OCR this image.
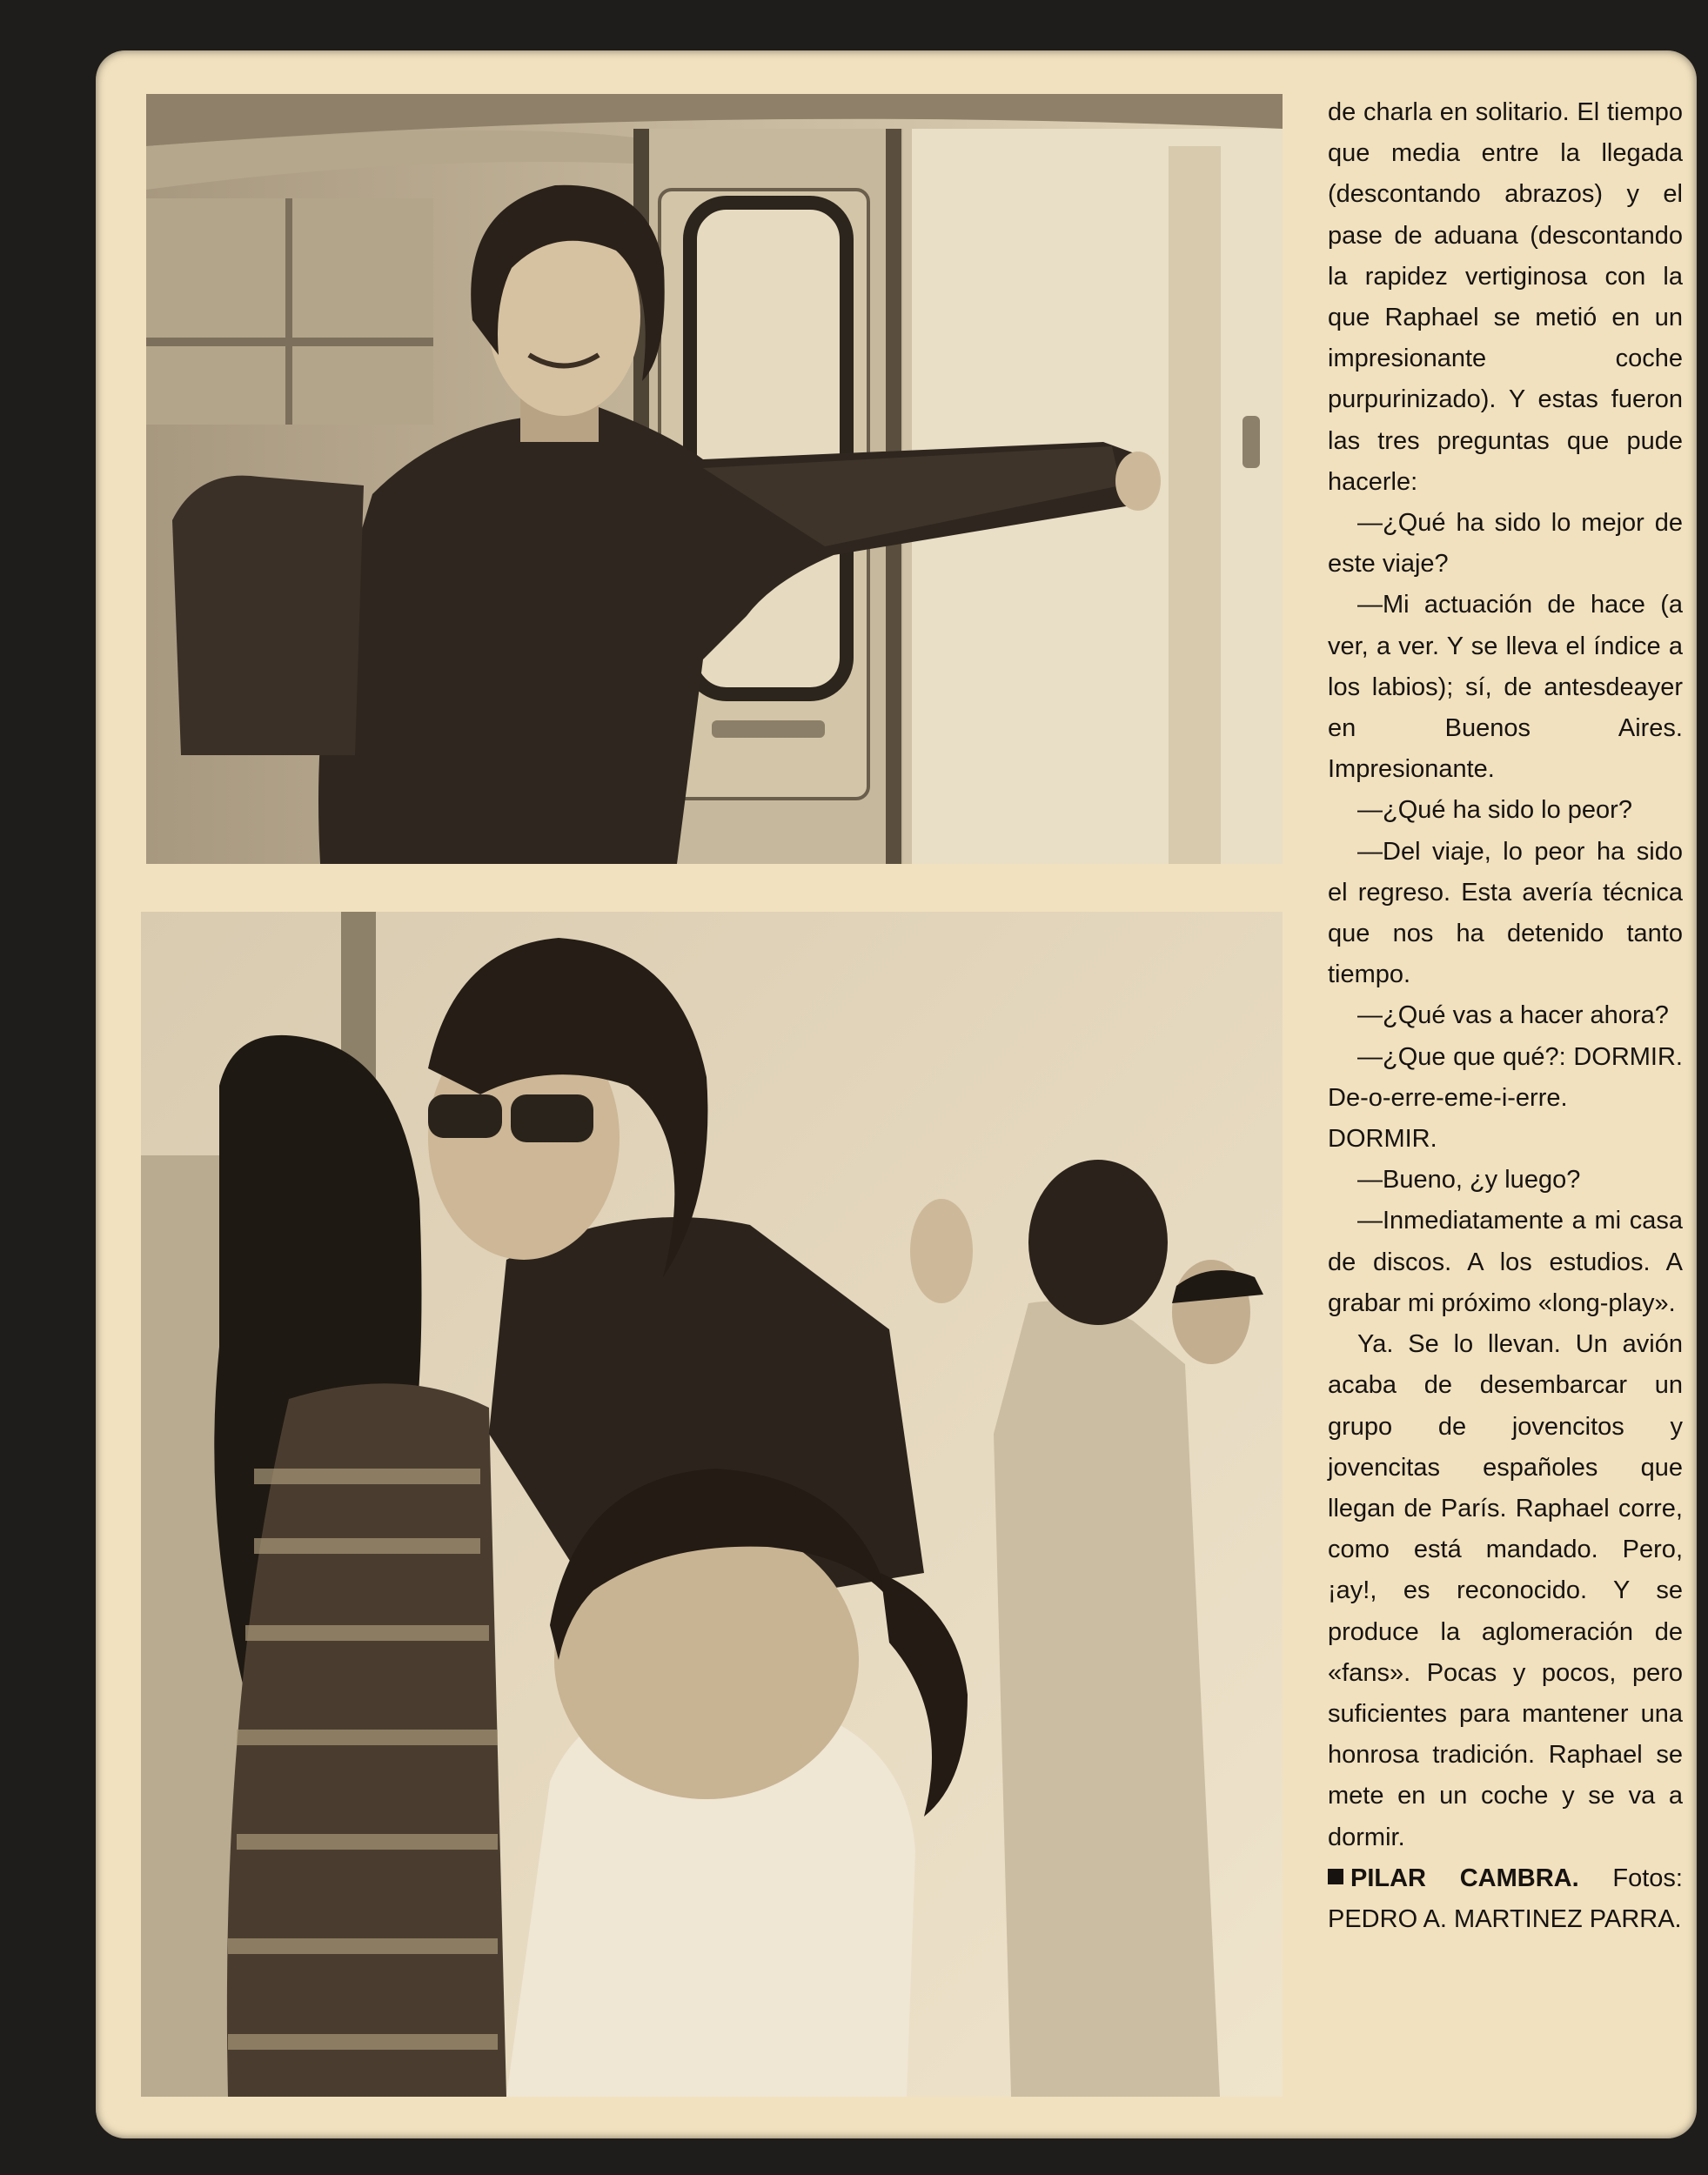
de charla en solitario. El tiempo que media entre la llegada (descontando abrazos) y el pase de aduana (descontando la rapidez vertiginosa con la que Raphael se metió en un impresionante coche purpurinizado). Y estas fueron las tres preguntas que pude hacerle:

—¿Qué ha sido lo mejor de este viaje?

—Mi actuación de hace (a ver, a ver. Y se lleva el índice a los labios); sí, de antesdeayer en Buenos Aires. Impresionante.

—¿Qué ha sido lo peor?

—Del viaje, lo peor ha sido el regreso. Esta avería técnica que nos ha detenido tanto tiempo.

—¿Qué vas a hacer ahora?

—¿Que que qué?: DORMIR. De-o-erre-eme-i-erre. DORMIR.

—Bueno, ¿y luego?

—Inmediatamente a mi casa de discos. A los estudios. A grabar mi próximo «long-play».

Ya. Se lo llevan. Un avión acaba de desembarcar un grupo de jovencitos y jovencitas españoles que llegan de París. Raphael corre, como está mandado. Pero, ¡ay!, es reconocido. Y se produce la aglomeración de «fans». Pocas y pocos, pero suficientes para mantener una honrosa tradición. Raphael se mete en un coche y se va a dormir.

PILAR CAMBRA. Fotos: PEDRO A. MARTINEZ PARRA.
